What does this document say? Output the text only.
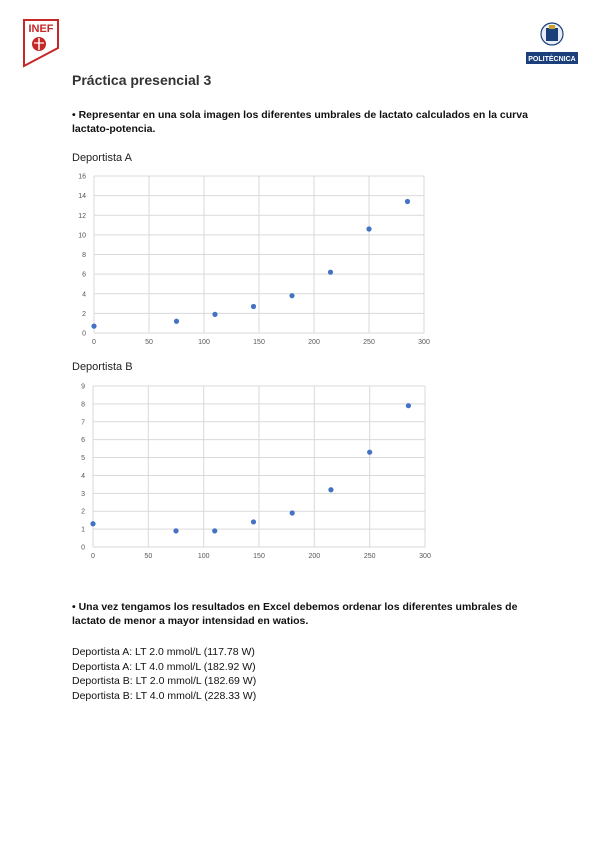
INEF
POLITÉCNICA
Práctica presencial 3
• Representar en una sola imagen los diferentes umbrales de lactato calculados en la curva lactato-potencia.
Deportista A
0
2
4
6
8
10
12
14
16
0	50	100	150	200	250	300
Deportista B
0
1
2
3
4
5
6
7
8
9
0	50	100	150	200	250	300
• Una vez tengamos los resultados en Excel debemos ordenar los diferentes umbrales de lactato de menor a mayor intensidad en watios.
Deportista A: LT 2.0 mmol/L (117.78 W)
Deportista A: LT 4.0 mmol/L (182.92 W)
Deportista B: LT 2.0 mmol/L (182.69 W)
Deportista B: LT 4.0 mmol/L (228.33 W)
